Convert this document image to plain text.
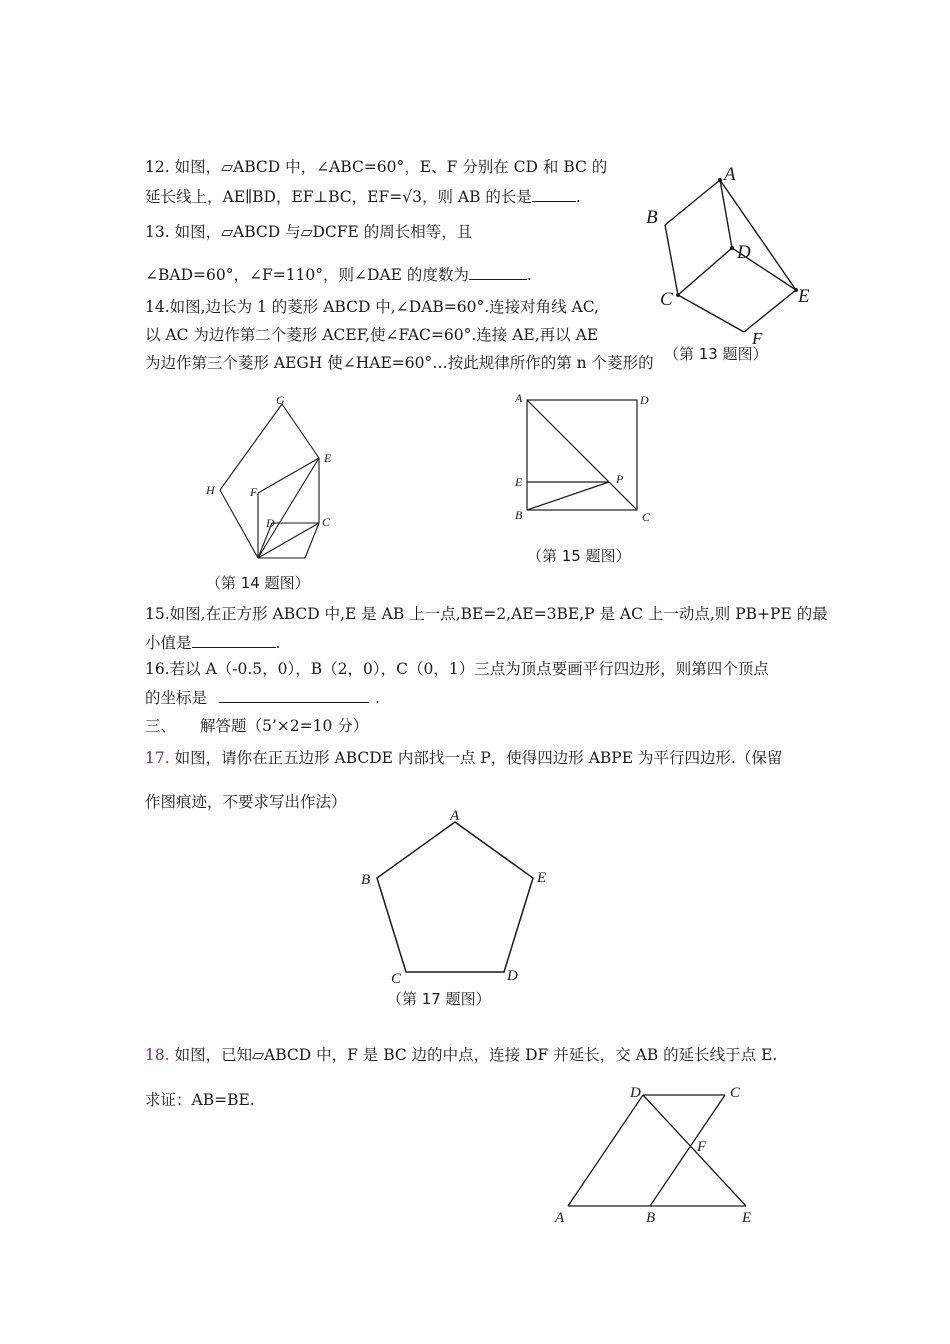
12. 如图，▱ABCD 中，∠ABC=60°，E、F 分别在 CD 和 BC 的
延长线上，AE∥BD，EF⊥BC，EF=√3，则 AB 的长是	.
13. 如图，▱ABCD 与▱DCFE 的周长相等，且
∠BAD=60°，∠F=110°，则∠DAE 的度数为	.
A
B
D
C	E
F
（第 13 题图）
14.如图,边长为 1 的菱形 ABCD 中,∠DAB=60°.连接对角线 AC,
以 AC 为边作第二个菱形 ACEF,使∠FAC=60°.连接 AE,再以 AE
为边作第三个菱形 AEGH 使∠HAE=60°…按此规律所作的第 n 个菱形的
G
E
H	F
D	C
（第 14 题图）
A	D
E	P
B	C
（第 15 题图）
15.如图,在正方形 ABCD 中,E 是 AB 上一点,BE=2,AE=3BE,P 是 AC 上一动点,则 PB+PE 的最
小值是	.
16.若以 A（-0.5，0），B（2，0），C（0，1）三点为顶点要画平行四边形，则第四个顶点
的坐标是	.
三、 解答题（5’×2=10 分）
17. 如图，请你在正五边形 ABCDE 内部找一点 P，使得四边形 ABPE 为平行四边形.（保留
作图痕迹，不要求写出作法）
A
B	E
C	D
（第 17 题图）
18. 如图，已知▱ABCD 中，F 是 BC 边的中点，连接 DF 并延长，交 AB 的延长线于点 E.
求证：AB=BE.	D	C
F
A	B	E
